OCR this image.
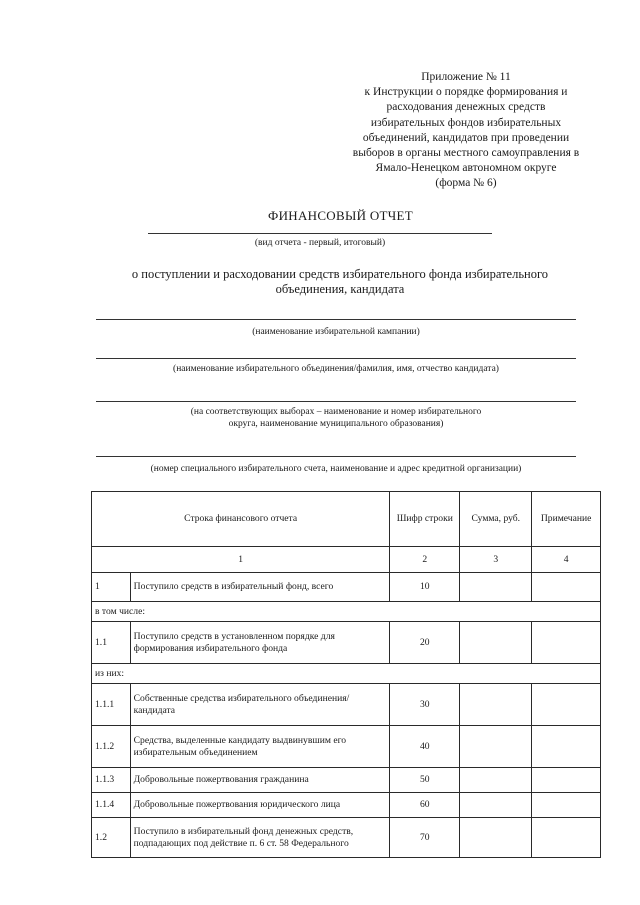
Приложение № 11
к Инструкции о порядке формирования и
расходования денежных средств
избирательных фондов избирательных
объединений, кандидатов при проведении
выборов в органы местного самоуправления в
Ямало-Ненецком автономном округе
(форма № 6)
ФИНАНСОВЫЙ ОТЧЕТ
(вид отчета - первый, итоговый)
о поступлении и расходовании средств избирательного фонда избирательного
объединения, кандидата
(наименование избирательной кампании)
(наименование избирательного объединения/фамилия, имя, отчество кандидата)
(на соответствующих выборах – наименование и номер избирательного
округа, наименование муниципального образования)
(номер специального избирательного счета, наименование и адрес кредитной организации)
Строка финансового отчета		Шифр строки	Сумма, руб.	Примечание
1		2	3	4
1	Поступило средств в избирательный фонд, всего	10		
в том числе:				
1.1	Поступило средств в установленном порядке для формирования избирательного фонда	20		
из них:				
1.1.1	Собственные средства избирательного объединения/кандидата	30		
1.1.2	Средства, выделенные кандидату выдвинувшим его избирательным объединением	40		
1.1.3	Добровольные пожертвования гражданина	50		
1.1.4	Добровольные пожертвования юридического лица	60		
1.2	Поступило в избирательный фонд денежных средств, подпадающих под действие п. 6 ст. 58 Федерального	70		
